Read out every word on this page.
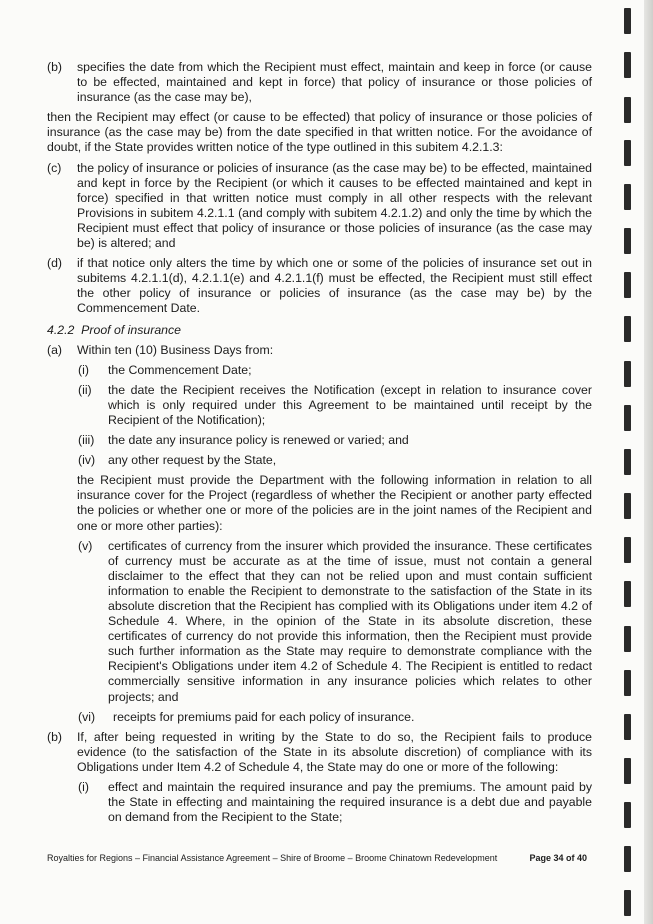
(b) specifies the date from which the Recipient must effect, maintain and keep in force (or cause to be effected, maintained and kept in force) that policy of insurance or those policies of insurance (as the case may be),

then the Recipient may effect (or cause to be effected) that policy of insurance or those policies of insurance (as the case may be) from the date specified in that written notice. For the avoidance of doubt, if the State provides written notice of the type outlined in this subitem 4.2.1.3:

(c) the policy of insurance or policies of insurance (as the case may be) to be effected, maintained and kept in force by the Recipient (or which it causes to be effected maintained and kept in force) specified in that written notice must comply in all other respects with the relevant Provisions in subitem 4.2.1.1 (and comply with subitem 4.2.1.2) and only the time by which the Recipient must effect that policy of insurance or those policies of insurance (as the case may be) is altered; and

(d) if that notice only alters the time by which one or some of the policies of insurance set out in subitems 4.2.1.1(d), 4.2.1.1(e) and 4.2.1.1(f) must be effected, the Recipient must still effect the other policy of insurance or policies of insurance (as the case may be) by the Commencement Date.

4.2.2  Proof of insurance

(a) Within ten (10) Business Days from:

(i) the Commencement Date;

(ii) the date the Recipient receives the Notification (except in relation to insurance cover which is only required under this Agreement to be maintained until receipt by the Recipient of the Notification);

(iii) the date any insurance policy is renewed or varied; and

(iv) any other request by the State,

the Recipient must provide the Department with the following information in relation to all insurance cover for the Project (regardless of whether the Recipient or another party effected the policies or whether one or more of the policies are in the joint names of the Recipient and one or more other parties):

(v) certificates of currency from the insurer which provided the insurance. These certificates of currency must be accurate as at the time of issue, must not contain a general disclaimer to the effect that they can not be relied upon and must contain sufficient information to enable the Recipient to demonstrate to the satisfaction of the State in its absolute discretion that the Recipient has complied with its Obligations under item 4.2 of Schedule 4. Where, in the opinion of the State in its absolute discretion, these certificates of currency do not provide this information, then the Recipient must provide such further information as the State may require to demonstrate compliance with the Recipient's Obligations under item 4.2 of Schedule 4. The Recipient is entitled to redact commercially sensitive information in any insurance policies which relates to other projects; and

(vi) receipts for premiums paid for each policy of insurance.

(b) If, after being requested in writing by the State to do so, the Recipient fails to produce evidence (to the satisfaction of the State in its absolute discretion) of compliance with its Obligations under Item 4.2 of Schedule 4, the State may do one or more of the following:

(i) effect and maintain the required insurance and pay the premiums. The amount paid by the State in effecting and maintaining the required insurance is a debt due and payable on demand from the Recipient to the State;

Royalties for Regions – Financial Assistance Agreement – Shire of Broome – Broome Chinatown Redevelopment	Page 34 of 40
